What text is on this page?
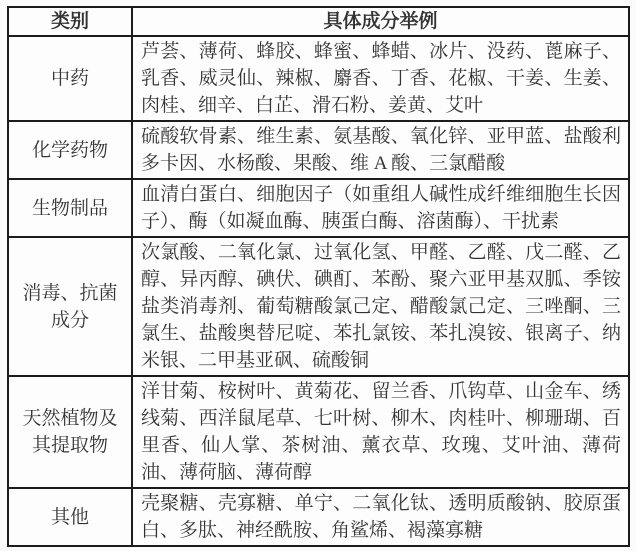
类别	具体成分举例
中药	芦荟、薄荷、蜂胶、蜂蜜、蜂蜡、冰片、没药、蓖麻子、乳香、威灵仙、辣椒、麝香、丁香、花椒、干姜、生姜、肉桂、细辛、白芷、滑石粉、姜黄、艾叶
化学药物	硫酸软骨素、维生素、氨基酸、氧化锌、亚甲蓝、盐酸利多卡因、水杨酸、果酸、维 A 酸、三氯醋酸
生物制品	血清白蛋白、细胞因子（如重组人碱性成纤维细胞生长因子）、酶（如凝血酶、胰蛋白酶、溶菌酶）、干扰素
消毒、抗菌成分	次氯酸、二氧化氯、过氧化氢、甲醛、乙醛、戊二醛、乙醇、异丙醇、碘伏、碘酊、苯酚、聚六亚甲基双胍、季铵盐类消毒剂、葡萄糖酸氯己定、醋酸氯己定、三唑酮、三氯生、盐酸奥替尼啶、苯扎氯铵、苯扎溴铵、银离子、纳米银、二甲基亚砜、硫酸铜
天然植物及其提取物	洋甘菊、桉树叶、黄菊花、留兰香、爪钩草、山金车、绣线菊、西洋鼠尾草、七叶树、柳木、肉桂叶、柳珊瑚、百里香、仙人掌、茶树油、薰衣草、玫瑰、艾叶油、薄荷油、薄荷脑、薄荷醇
其他	壳聚糖、壳寡糖、单宁、二氧化钛、透明质酸钠、胶原蛋白、多肽、神经酰胺、角鲨烯、褐藻寡糖
